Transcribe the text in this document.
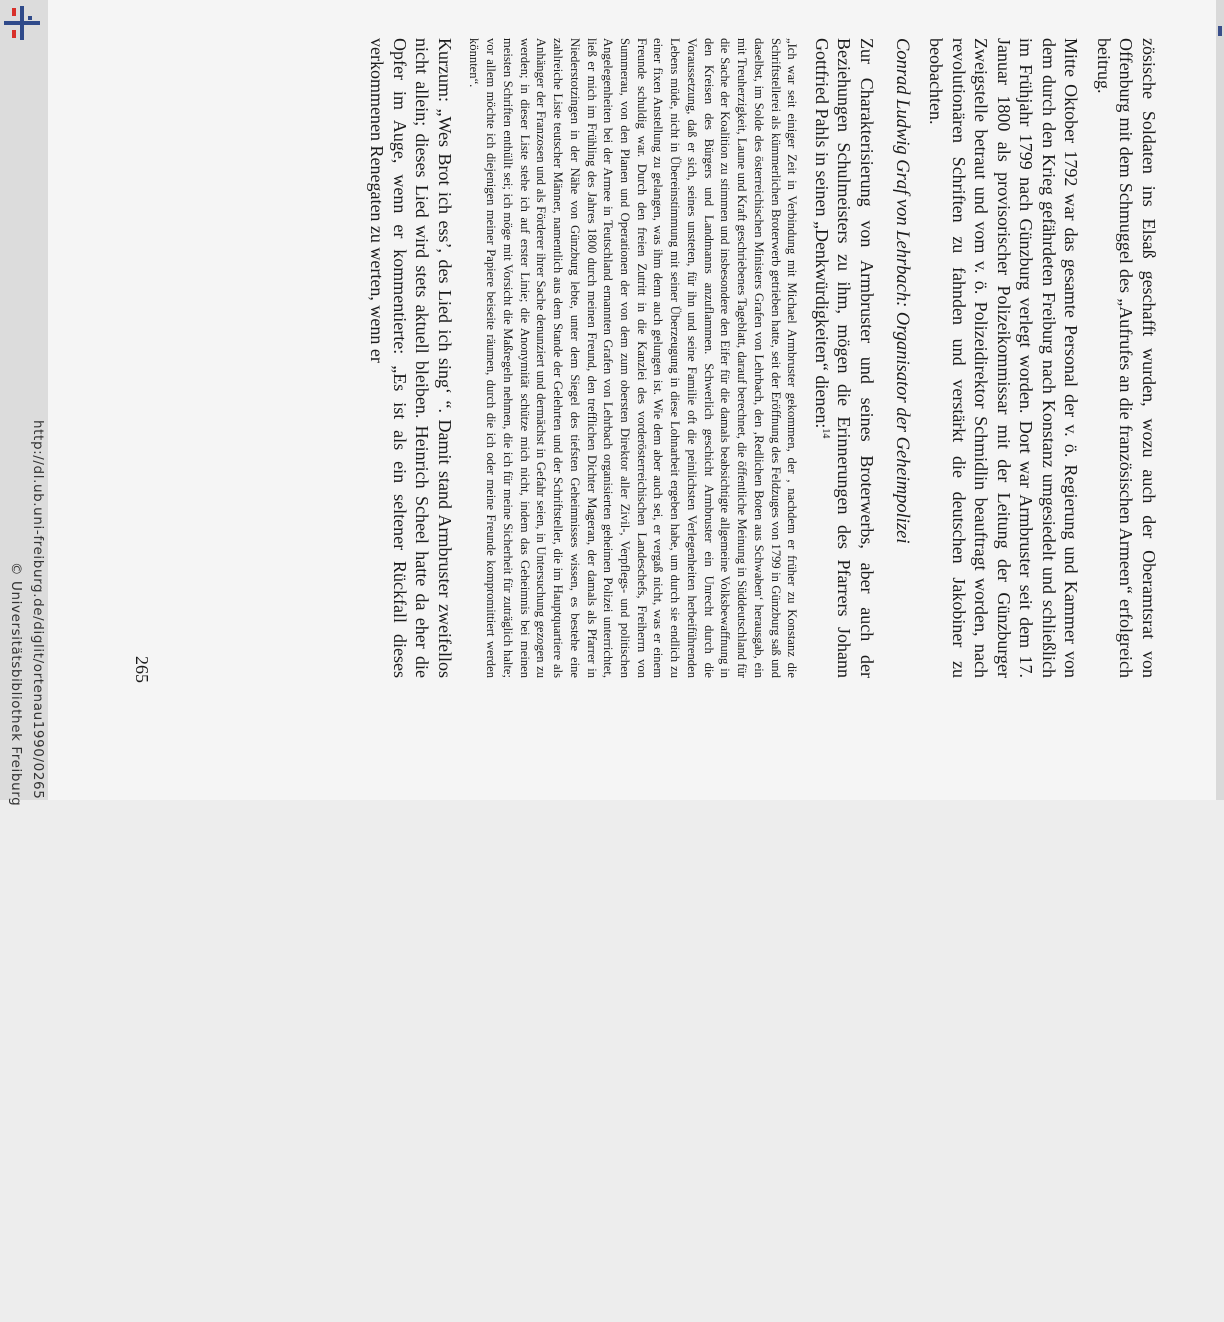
http://dl.ub.uni-freiburg.de/diglit/ortenau1990/0265
© Universitätsbibliothek Freiburg

zösische Soldaten ins Elsaß geschafft wurden, wozu auch der Oberamtsrat von Offenburg mit dem Schmuggel des „Aufrufes an die französischen Armeen“ erfolgreich beitrug.

Mitte Oktober 1792 war das gesamte Personal der v. ö. Regierung und Kammer von dem durch den Krieg gefährdeten Freiburg nach Konstanz umgesiedelt und schließlich im Frühjahr 1799 nach Günzburg verlegt worden. Dort war Armbruster seit dem 17. Januar 1800 als provisorischer Polizeikommissar mit der Leitung der Günzburger Zweigstelle betraut und vom v. ö. Polizeidirektor Schmidlin beauftragt worden, nach revolutionären Schriften zu fahnden und verstärkt die deutschen Jakobiner zu beobachten.

Conrad Ludwig Graf von Lehrbach: Organisator der Geheimpolizei

Zur Charakterisierung von Armbruster und seines Broterwerbs, aber auch der Beziehungen Schulmeisters zu ihm, mögen die Erinnerungen des Pfarrers Johann Gottfried Pahls in seinen „Denkwürdigkeiten“ dienen:$^{14}$

„Ich war seit einiger Zeit in Verbindung mit Michael Armbruster gekommen, der , nachdem er früher zu Konstanz die Schriftstellerei als kümmerlichen Broterwerb getrieben hatte, seit der Eröffnung des Feldzuges von 1799 in Günzburg saß und daselbst, im Solde des österreichischen Ministers Grafen von Lehrbach, den ‚Redlichen Boten aus Schwaben‘ herausgab, ein mit Treuherzigkeit, Laune und Kraft geschriebenes Tageblatt, darauf berechnet, die öffentliche Meinung in Süddeutschland für die Sache der Koalition zu stimmen und insbesondere den Eifer für die damals beabsichtigte allgemeine Volksbewaffnung in den Kreisen des Bürgers und Landmanns anzuflammen. Schwerlich geschicht Armbruster ein Unrecht durch die Voraussetzung, daß er sich, seines unsteten, für ihn und seine Familie oft die peinlichsten Verlegenheiten herbeiführenden Lebens müde, nicht in Übereinstimmung mit seiner Überzeugung in diese Lohnarbeit ergeben habe, um durch sie endlich zu einer fixen Anstellung zu gelangen, was ihm denn auch gelungen ist. Wie dem aber auch sei, er vergaß nicht, was er einem Freunde schuldig war. Durch den freien Zutritt in die Kanzlei des vorderösterreichischen Landeschefs, Freiherrn von Summerau, von den Planen und Operationen der von dem zum obersten Direktor aller Zivil-, Verpflegs- und politischen Angelegenheiten bei der Armee in Teutschland ernannten Grafen von Lehrbach organisierten geheimen Polizei unterrichtet, ließ er mich im Frühling des Jahres 1800 durch meinen Freund, den trefflichen Dichter Mageran, der damals als Pfarrer in Niederstotzingen in der Nähe von Günzburg lebte, unter dem Siegel des tiefsten Geheimnisses wissen, es bestehe eine zahlreiche Liste teutscher Männer, namentlich aus dem Stande der Gelehrten und der Schriftsteller, die im Hauptquartiere als Anhänger der Franzosen und als Förderer ihrer Sache denunziert und dermächst in Gefahr seien, in Untersuchung gezogen zu werden; in dieser Liste stehe ich auf erster Linie; die Anonymität schütze mich nicht, indem das Geheimnis bei meinen meisten Schriften enthüllt sei; ich möge mit Vorsicht die Maßregeln nehmen, die ich für meine Sicherheit für zuträglich halte; vor allem möchte ich diejenigen meiner Papiere beiseite räumen, durch die ich oder meine Freunde kompromittiert werden könnten“.

Kurzum: „Wes Brot ich ess’, des Lied ich sing‘ “. Damit stand Armbruster zweifellos nicht allein; dieses Lied wird stets aktuell bleiben. Heinrich Scheel hatte da eher die Opfer im Auge, wenn er kommentierte: „Es ist als ein seltener Rückfall dieses verkommenen Renegaten zu werten, wenn er

265
